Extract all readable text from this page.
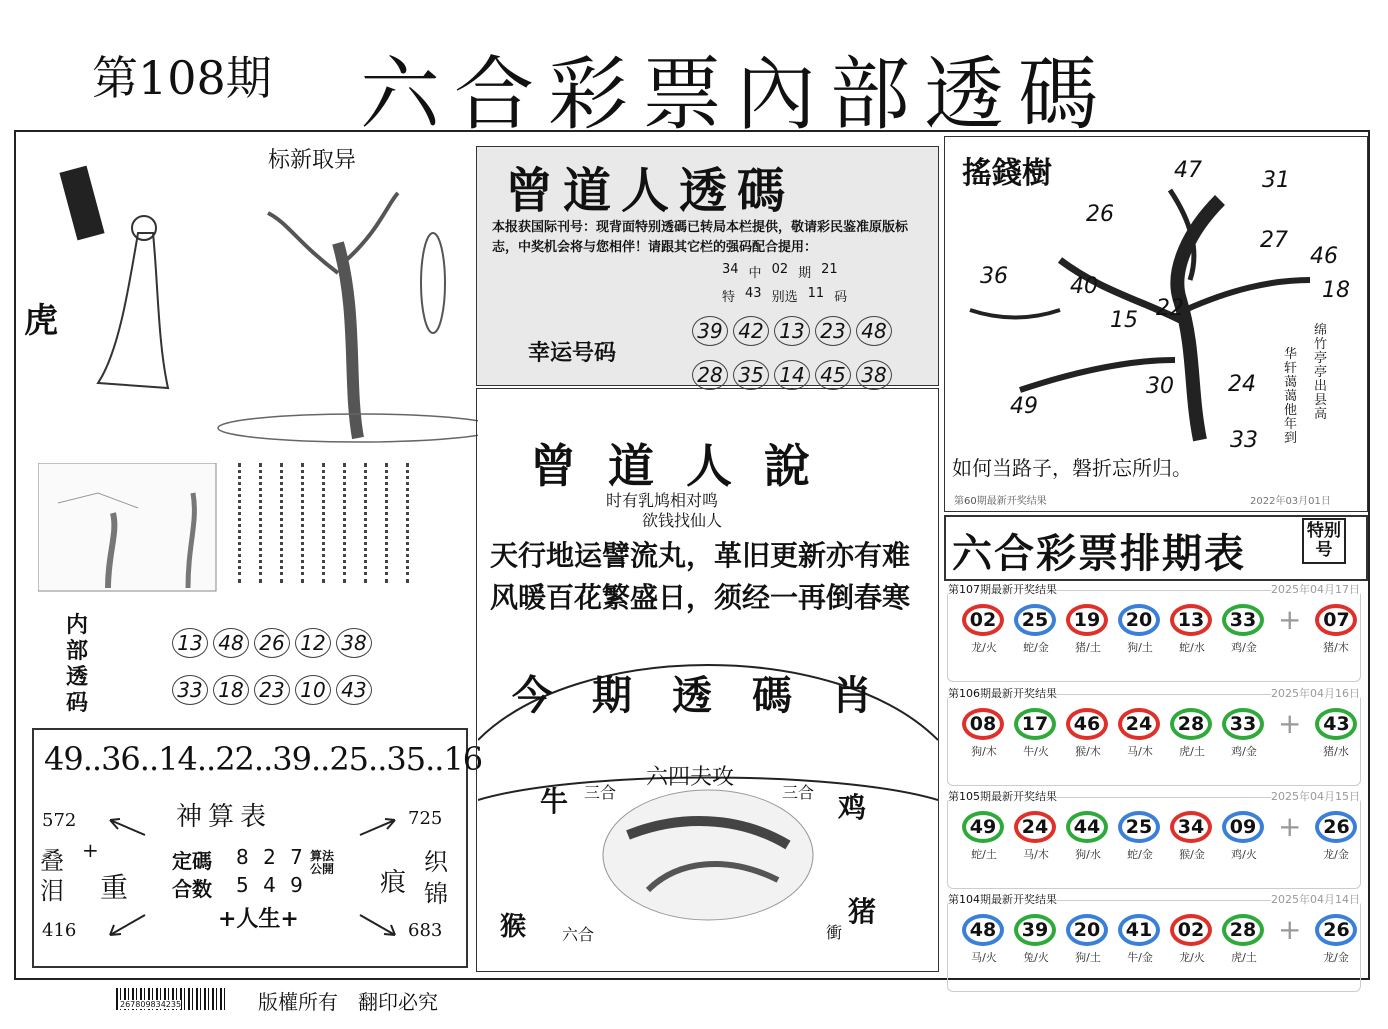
第108期 六合彩票內部透碼
标新取异
虎
内部透码
13 48 26 12 38
33 18 23 10 43
49..36..14..22..39..25..35..16
神算表
572	725
416	683
叠
泪
+
重
定碼 8 2 7
合数 5 4 9
算法公開
+人生+
痕
织
锦
曾道人透碼
本报获国际刊号：现背面特别透碼已转局本栏提供，敬请彩民鉴准原版标志，中奖机会将与您相伴！请跟其它栏的强码配合提用：
34 中 02 期 21
特 43 别选 11 码
幸运号码
39 42 13 23 48
28 35 14 45 38
曾道人說
时有乳鸠相对鸣
欲钱找仙人
天行地运譬流丸，革旧更新亦有难
风暖百花繁盛日，须经一再倒春寒
今期透碼肖
六四夫攻
牛 三合	三合 鸡
猴 六合	衝
猪
搖錢樹	47	31
26
27
46
18
36	40
15 22
30 24
49
33
华轩蔼蔼他年到
绵竹亭亭出县高
如何当路子，磐折忘所归。
第60期最新开奖结果	2022年03月01日
六合彩票排期表	特别号
第107期最新开奖结果	2025年04月17日
02	25	19	20	13	33 +	07
龙/火	蛇/金	猪/土	狗/土	蛇/水	鸡/金	猪/木
第106期最新开奖结果	2025年04月16日
08	17	46	24	28	33 +	43
狗/木	牛/火	猴/木	马/木	虎/土	鸡/金	猪/水
第105期最新开奖结果	2025年04月15日
49	24	44	25	34	09 +	26
蛇/土	马/木	狗/水	蛇/金	猴/金	鸡/火	龙/金
第104期最新开奖结果	2025年04月14日
48	39	20	41	02	28 +	26
马/火	兔/火	狗/土	牛/金	龙/火	虎/土	龙/金
267809834235	版權所有　翻印必究
